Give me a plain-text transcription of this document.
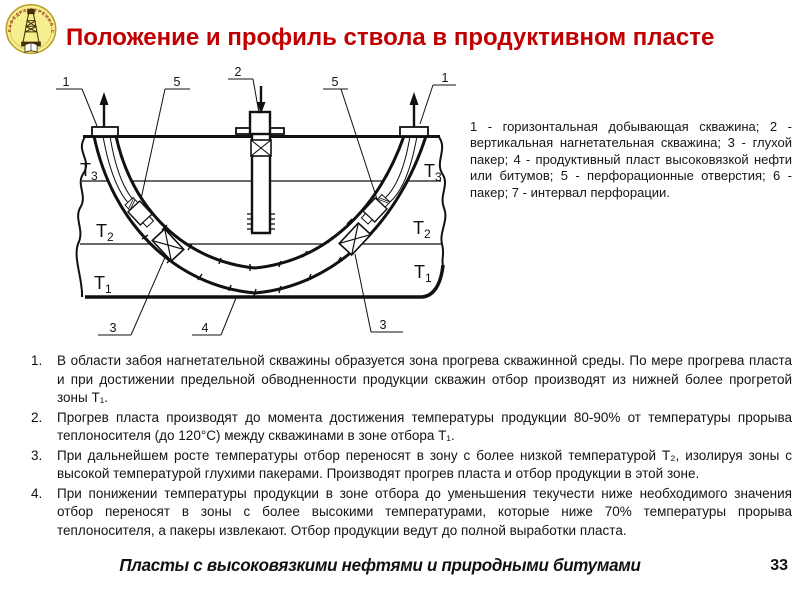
КАФЕДРА УРЕНИЯ С Положение и профиль ствола в продуктивном пласте
1	5
2
5	1
3	4	3
$Т_3$	$Т_3$
$Т_2$	$Т_2$
$Т_1$
$Т_1$
1 - горизонтальная добывающая скважина; 2 - вертикальная нагнетательная скважина; 3 - глухой пакер; 4 - продуктивный пласт высоковязкой нефти или битумов; 5 - перфорационные отверстия; 6 - пакер; 7 - интервал перфорации.
1.	В области забоя нагнетательной скважины образуется зона прогрева скважинной среды. По мере прогрева пласта и при достижении предельной обводненности продукции скважин отбор производят из нижней более прогретой зоны Т₁.
2.	Прогрев пласта производят до момента достижения температуры продукции 80-90% от температуры прорыва теплоносителя (до 120°С) между скважинами в зоне отбора Т₁.
3.	При дальнейшем росте температуры отбор переносят в зону с более низкой температурой Т₂, изолируя зоны с высокой температурой глухими пакерами. Производят прогрев пласта и отбор продукции в этой зоне.
4.	При понижении температуры продукции в зоне отбора до уменьшения текучести ниже необходимого значения отбор переносят в зоны с более высокими температурами, которые ниже 70% температуры прорыва теплоносителя, а пакеры извлекают. Отбор продукции ведут до полной выработки пласта.
Пласты с высоковязкими нефтями и природными битумами	33
